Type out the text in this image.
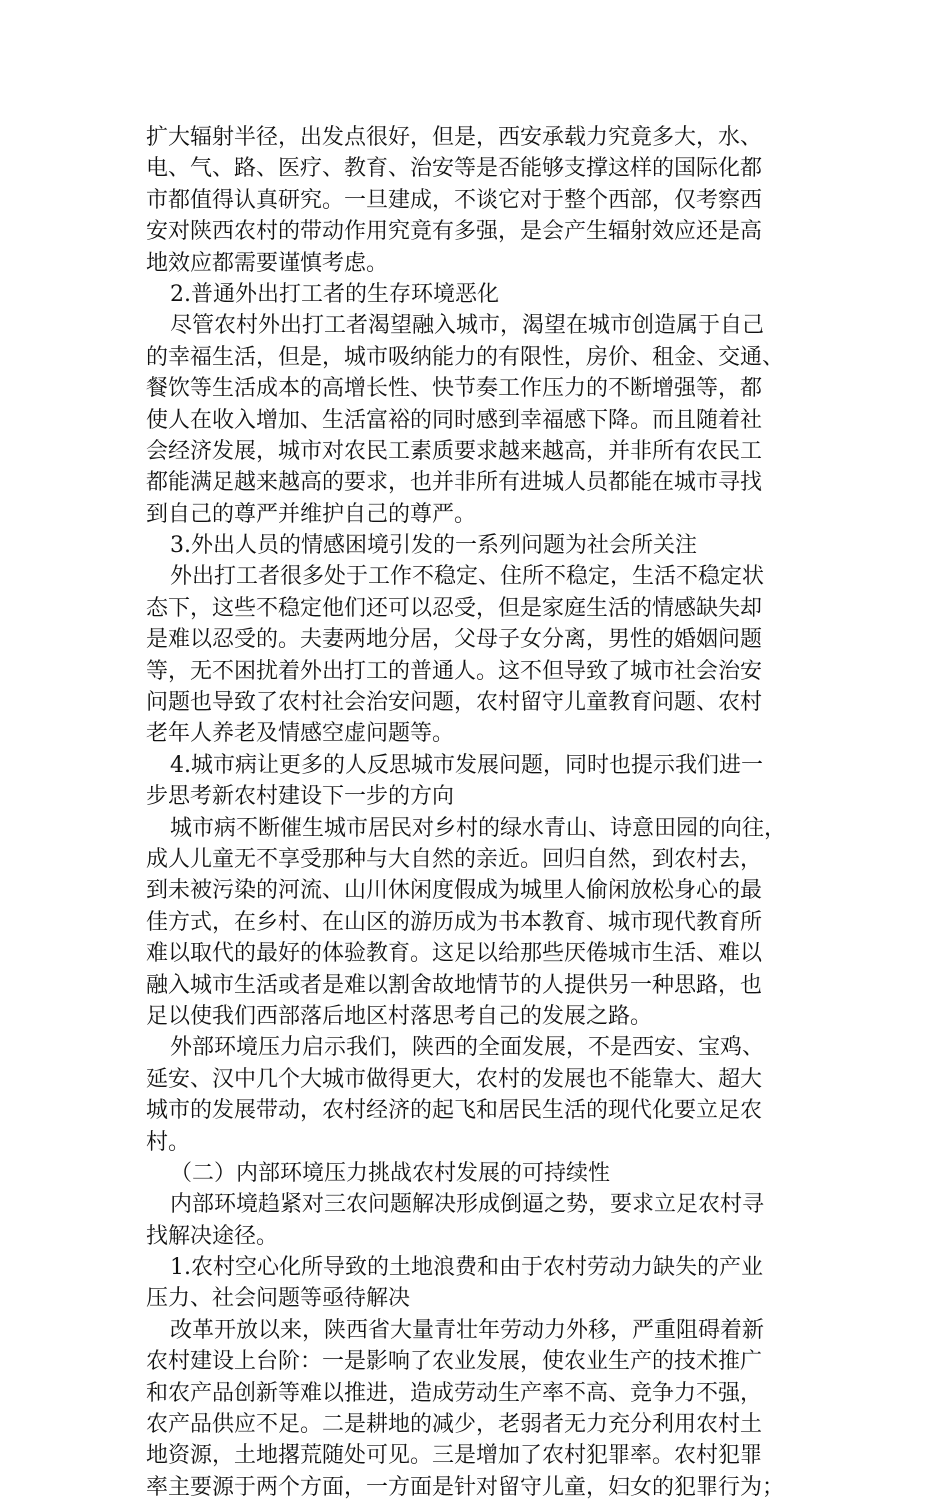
扩大辐射半径，出发点很好，但是，西安承载力究竟多大，水、
电、气、路、医疗、教育、治安等是否能够支撑这样的国际化都
市都值得认真研究。一旦建成，不谈它对于整个西部，仅考察西
安对陕西农村的带动作用究竟有多强，是会产生辐射效应还是高
地效应都需要谨慎考虑。
2.普通外出打工者的生存环境恶化
尽管农村外出打工者渴望融入城市，渴望在城市创造属于自己
的幸福生活，但是，城市吸纳能力的有限性，房价、租金、交通、
餐饮等生活成本的高增长性、快节奏工作压力的不断增强等，都
使人在收入增加、生活富裕的同时感到幸福感下降。而且随着社
会经济发展，城市对农民工素质要求越来越高，并非所有农民工
都能满足越来越高的要求，也并非所有进城人员都能在城市寻找
到自己的尊严并维护自己的尊严。
3.外出人员的情感困境引发的一系列问题为社会所关注
外出打工者很多处于工作不稳定、住所不稳定，生活不稳定状
态下，这些不稳定他们还可以忍受，但是家庭生活的情感缺失却
是难以忍受的。夫妻两地分居，父母子女分离，男性的婚姻问题
等，无不困扰着外出打工的普通人。这不但导致了城市社会治安
问题也导致了农村社会治安问题，农村留守儿童教育问题、农村
老年人养老及情感空虚问题等。
4.城市病让更多的人反思城市发展问题，同时也提示我们进一
步思考新农村建设下一步的方向
城市病不断催生城市居民对乡村的绿水青山、诗意田园的向往，
成人儿童无不享受那种与大自然的亲近。回归自然，到农村去，
到未被污染的河流、山川休闲度假成为城里人偷闲放松身心的最
佳方式，在乡村、在山区的游历成为书本教育、城市现代教育所
难以取代的最好的体验教育。这足以给那些厌倦城市生活、难以
融入城市生活或者是难以割舍故地情节的人提供另一种思路，也
足以使我们西部落后地区村落思考自己的发展之路。
外部环境压力启示我们，陕西的全面发展，不是西安、宝鸡、
延安、汉中几个大城市做得更大，农村的发展也不能靠大、超大
城市的发展带动，农村经济的起飞和居民生活的现代化要立足农
村。
（二）内部环境压力挑战农村发展的可持续性
内部环境趋紧对三农问题解决形成倒逼之势，要求立足农村寻
找解决途径。
1.农村空心化所导致的土地浪费和由于农村劳动力缺失的产业
压力、社会问题等亟待解决
改革开放以来，陕西省大量青壮年劳动力外移，严重阻碍着新
农村建设上台阶：一是影响了农业发展，使农业生产的技术推广
和农产品创新等难以推进，造成劳动生产率不高、竞争力不强，
农产品供应不足。二是耕地的减少，老弱者无力充分利用农村土
地资源，土地撂荒随处可见。三是增加了农村犯罪率。农村犯罪
率主要源于两个方面，一方面是针对留守儿童，妇女的犯罪行为；
